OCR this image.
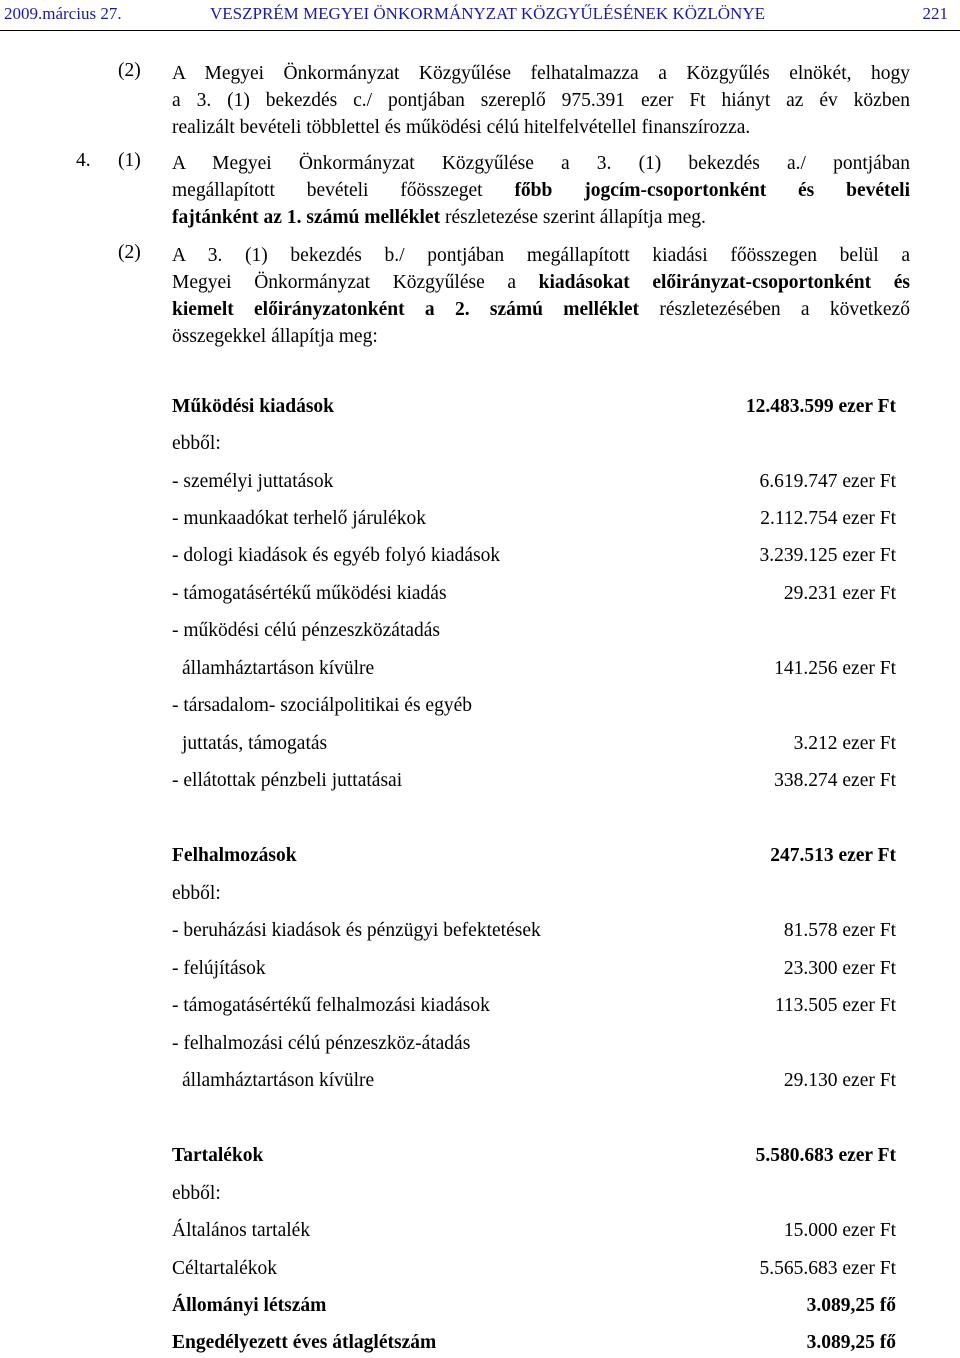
2009.március 27.	VESZPRÉM MEGYEI ÖNKORMÁNYZAT KÖZGYŰLÉSÉNEK KÖZLÖNYE	221
(2) A Megyei Önkormányzat Közgyűlése felhatalmazza a Közgyűlés elnökét, hogy
a 3. (1) bekezdés c./ pontjában szereplő 975.391 ezer Ft hiányt az év közben
realizált bevételi többlettel és működési célú hitelfelvétellel finanszírozza.
4. (1) A Megyei Önkormányzat Közgyűlése a 3. (1) bekezdés a./ pontjában
megállapított bevételi főösszeget főbb jogcím-csoportonként és bevételi
fajtánként az 1. számú melléklet részletezése szerint állapítja meg.
(2) A 3. (1) bekezdés b./ pontjában megállapított kiadási főösszegen belül a
Megyei Önkormányzat Közgyűlése a kiadásokat előirányzat-csoportonként és
kiemelt előirányzatonként a 2. számú melléklet részletezésében a következő
összegekkel állapítja meg:
Működési kiadások	12.483.599 ezer Ft
ebből:
- személyi juttatások	6.619.747 ezer Ft
- munkaadókat terhelő járulékok	2.112.754 ezer Ft
- dologi kiadások és egyéb folyó kiadások	3.239.125 ezer Ft
- támogatásértékű működési kiadás	29.231 ezer Ft
- működési célú pénzeszközátadás
államháztartáson kívülre	141.256 ezer Ft
- társadalom- szociálpolitikai és egyéb
juttatás, támogatás	3.212 ezer Ft
- ellátottak pénzbeli juttatásai	338.274 ezer Ft
Felhalmozások	247.513 ezer Ft
ebből:
- beruházási kiadások és pénzügyi befektetések	81.578 ezer Ft
- felújítások	23.300 ezer Ft
- támogatásértékű felhalmozási kiadások	113.505 ezer Ft
- felhalmozási célú pénzeszköz-átadás
államháztartáson kívülre	29.130 ezer Ft
Tartalékok	5.580.683 ezer Ft
ebből:
Általános tartalék	15.000 ezer Ft
Céltartalékok	5.565.683 ezer Ft
Állományi létszám	3.089,25 fő
Engedélyezett éves átlaglétszám	3.089,25 fő
